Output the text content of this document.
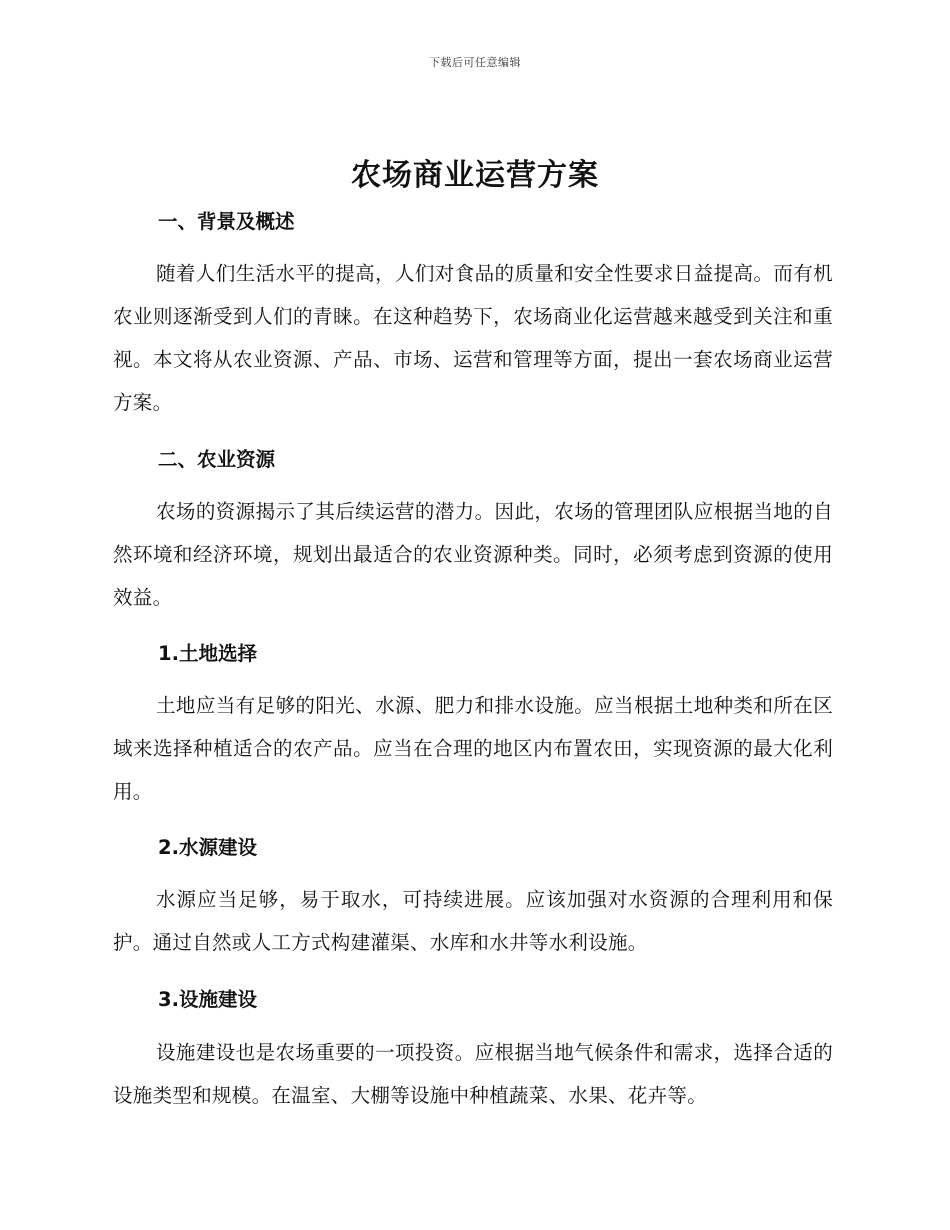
下载后可任意编辑
农场商业运营方案
一、背景及概述

随着人们生活水平的提高，人们对食品的质量和安全性要求日益提高。而有机农业则逐渐受到人们的青睐。在这种趋势下，农场商业化运营越来越受到关注和重视。本文将从农业资源、产品、市场、运营和管理等方面，提出一套农场商业运营方案。

二、农业资源

农场的资源揭示了其后续运营的潜力。因此，农场的管理团队应根据当地的自然环境和经济环境，规划出最适合的农业资源种类。同时，必须考虑到资源的使用效益。

1.土地选择

土地应当有足够的阳光、水源、肥力和排水设施。应当根据土地种类和所在区域来选择种植适合的农产品。应当在合理的地区内布置农田，实现资源的最大化利用。

2.水源建设

水源应当足够，易于取水，可持续进展。应该加强对水资源的合理利用和保护。通过自然或人工方式构建灌渠、水库和水井等水利设施。

3.设施建设

设施建设也是农场重要的一项投资。应根据当地气候条件和需求，选择合适的设施类型和规模。在温室、大棚等设施中种植蔬菜、水果、花卉等。
